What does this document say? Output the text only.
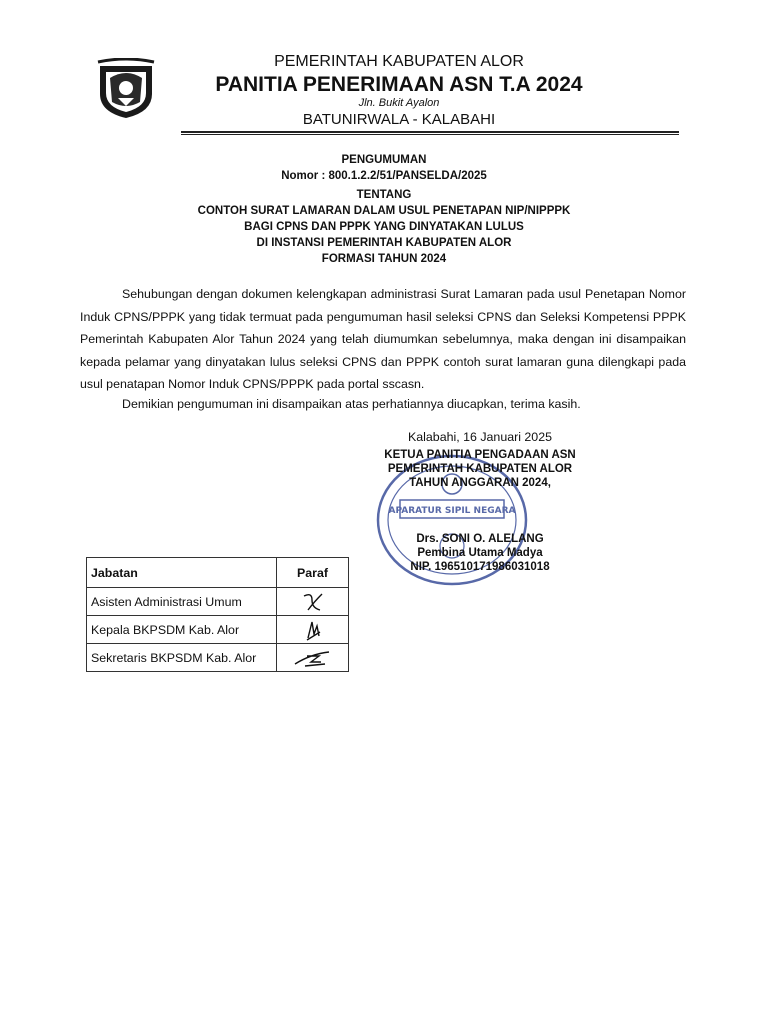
PEMERINTAH KABUPATEN ALOR
PANITIA PENERIMAAN ASN T.A 2024
Jln. Bukit Ayalon
BATUNIRWALA - KALABAHI
PENGUMUMAN
Nomor : 800.1.2.2/51/PANSELDA/2025
TENTANG
CONTOH SURAT LAMARAN DALAM USUL PENETAPAN NIP/NIPPPK
BAGI CPNS DAN PPPK YANG DINYATAKAN LULUS
DI INSTANSI PEMERINTAH KABUPATEN ALOR
FORMASI TAHUN 2024

Sehubungan dengan dokumen kelengkapan administrasi Surat Lamaran pada usul Penetapan Nomor Induk CPNS/PPPK yang tidak termuat pada pengumuman hasil seleksi CPNS dan Seleksi Kompetensi PPPK Pemerintah Kabupaten Alor Tahun 2024 yang telah diumumkan sebelumnya, maka dengan ini disampaikan kepada pelamar yang dinyatakan lulus seleksi CPNS dan PPPK contoh surat lamaran guna dilengkapi pada usul penatapan Nomor Induk CPNS/PPPK pada portal sscasn.

Demikian pengumuman ini disampaikan atas perhatiannya diucapkan, terima kasih.

Kalabahi, 16 Januari 2025
APARATUR SIPIL NEGARA
KETUA PANITIA PENGADAAN ASN
PEMERINTAH KABUPATEN ALOR
TAHUN ANGGARAN 2024,
Drs. SONI O. ALELANG
Pembina Utama Madya
NIP. 196510171986031018
Jabatan	Paraf
Asisten Administrasi Umum	
Kepala BKPSDM Kab. Alor	
Sekretaris BKPSDM Kab. Alor	
